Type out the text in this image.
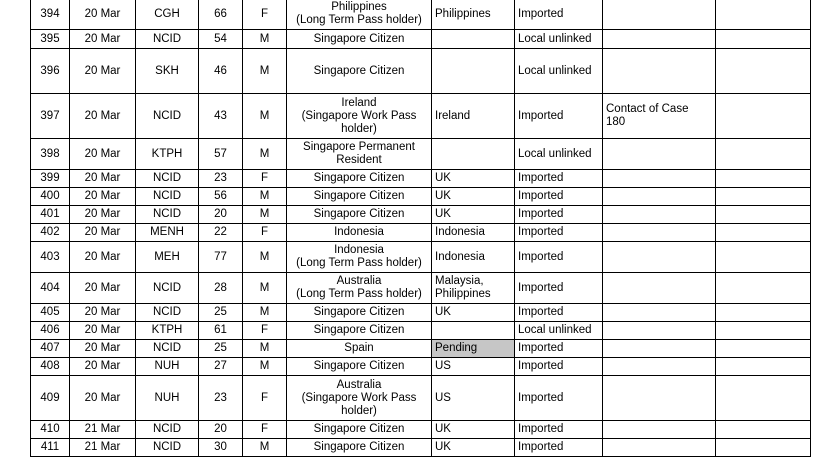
394	20 Mar	CGH	66	F	Philippines
(Long Term Pass holder)	Philippines	Imported		
395	20 Mar	NCID	54	M	Singapore Citizen		Local unlinked		
396	20 Mar	SKH	46	M	Singapore Citizen		Local unlinked		
397	20 Mar	NCID	43	M	Ireland
(Singapore Work Pass
holder)	Ireland	Imported	Contact of Case
180	
398	20 Mar	KTPH	57	M	Singapore Permanent
Resident		Local unlinked		
399	20 Mar	NCID	23	F	Singapore Citizen	UK	Imported		
400	20 Mar	NCID	56	M	Singapore Citizen	UK	Imported		
401	20 Mar	NCID	20	M	Singapore Citizen	UK	Imported		
402	20 Mar	MENH	22	F	Indonesia	Indonesia	Imported		
403	20 Mar	MEH	77	M	Indonesia
(Long Term Pass holder)	Indonesia	Imported		
404	20 Mar	NCID	28	M	Australia
(Long Term Pass holder)	Malaysia,
Philippines	Imported		
405	20 Mar	NCID	25	M	Singapore Citizen	UK	Imported		
406	20 Mar	KTPH	61	F	Singapore Citizen		Local unlinked		
407	20 Mar	NCID	25	M	Spain	Pending	Imported		
408	20 Mar	NUH	27	M	Singapore Citizen	US	Imported		
409	20 Mar	NUH	23	F	Australia
(Singapore Work Pass
holder)	US	Imported		
410	21 Mar	NCID	20	F	Singapore Citizen	UK	Imported		
411	21 Mar	NCID	30	M	Singapore Citizen	UK	Imported		
